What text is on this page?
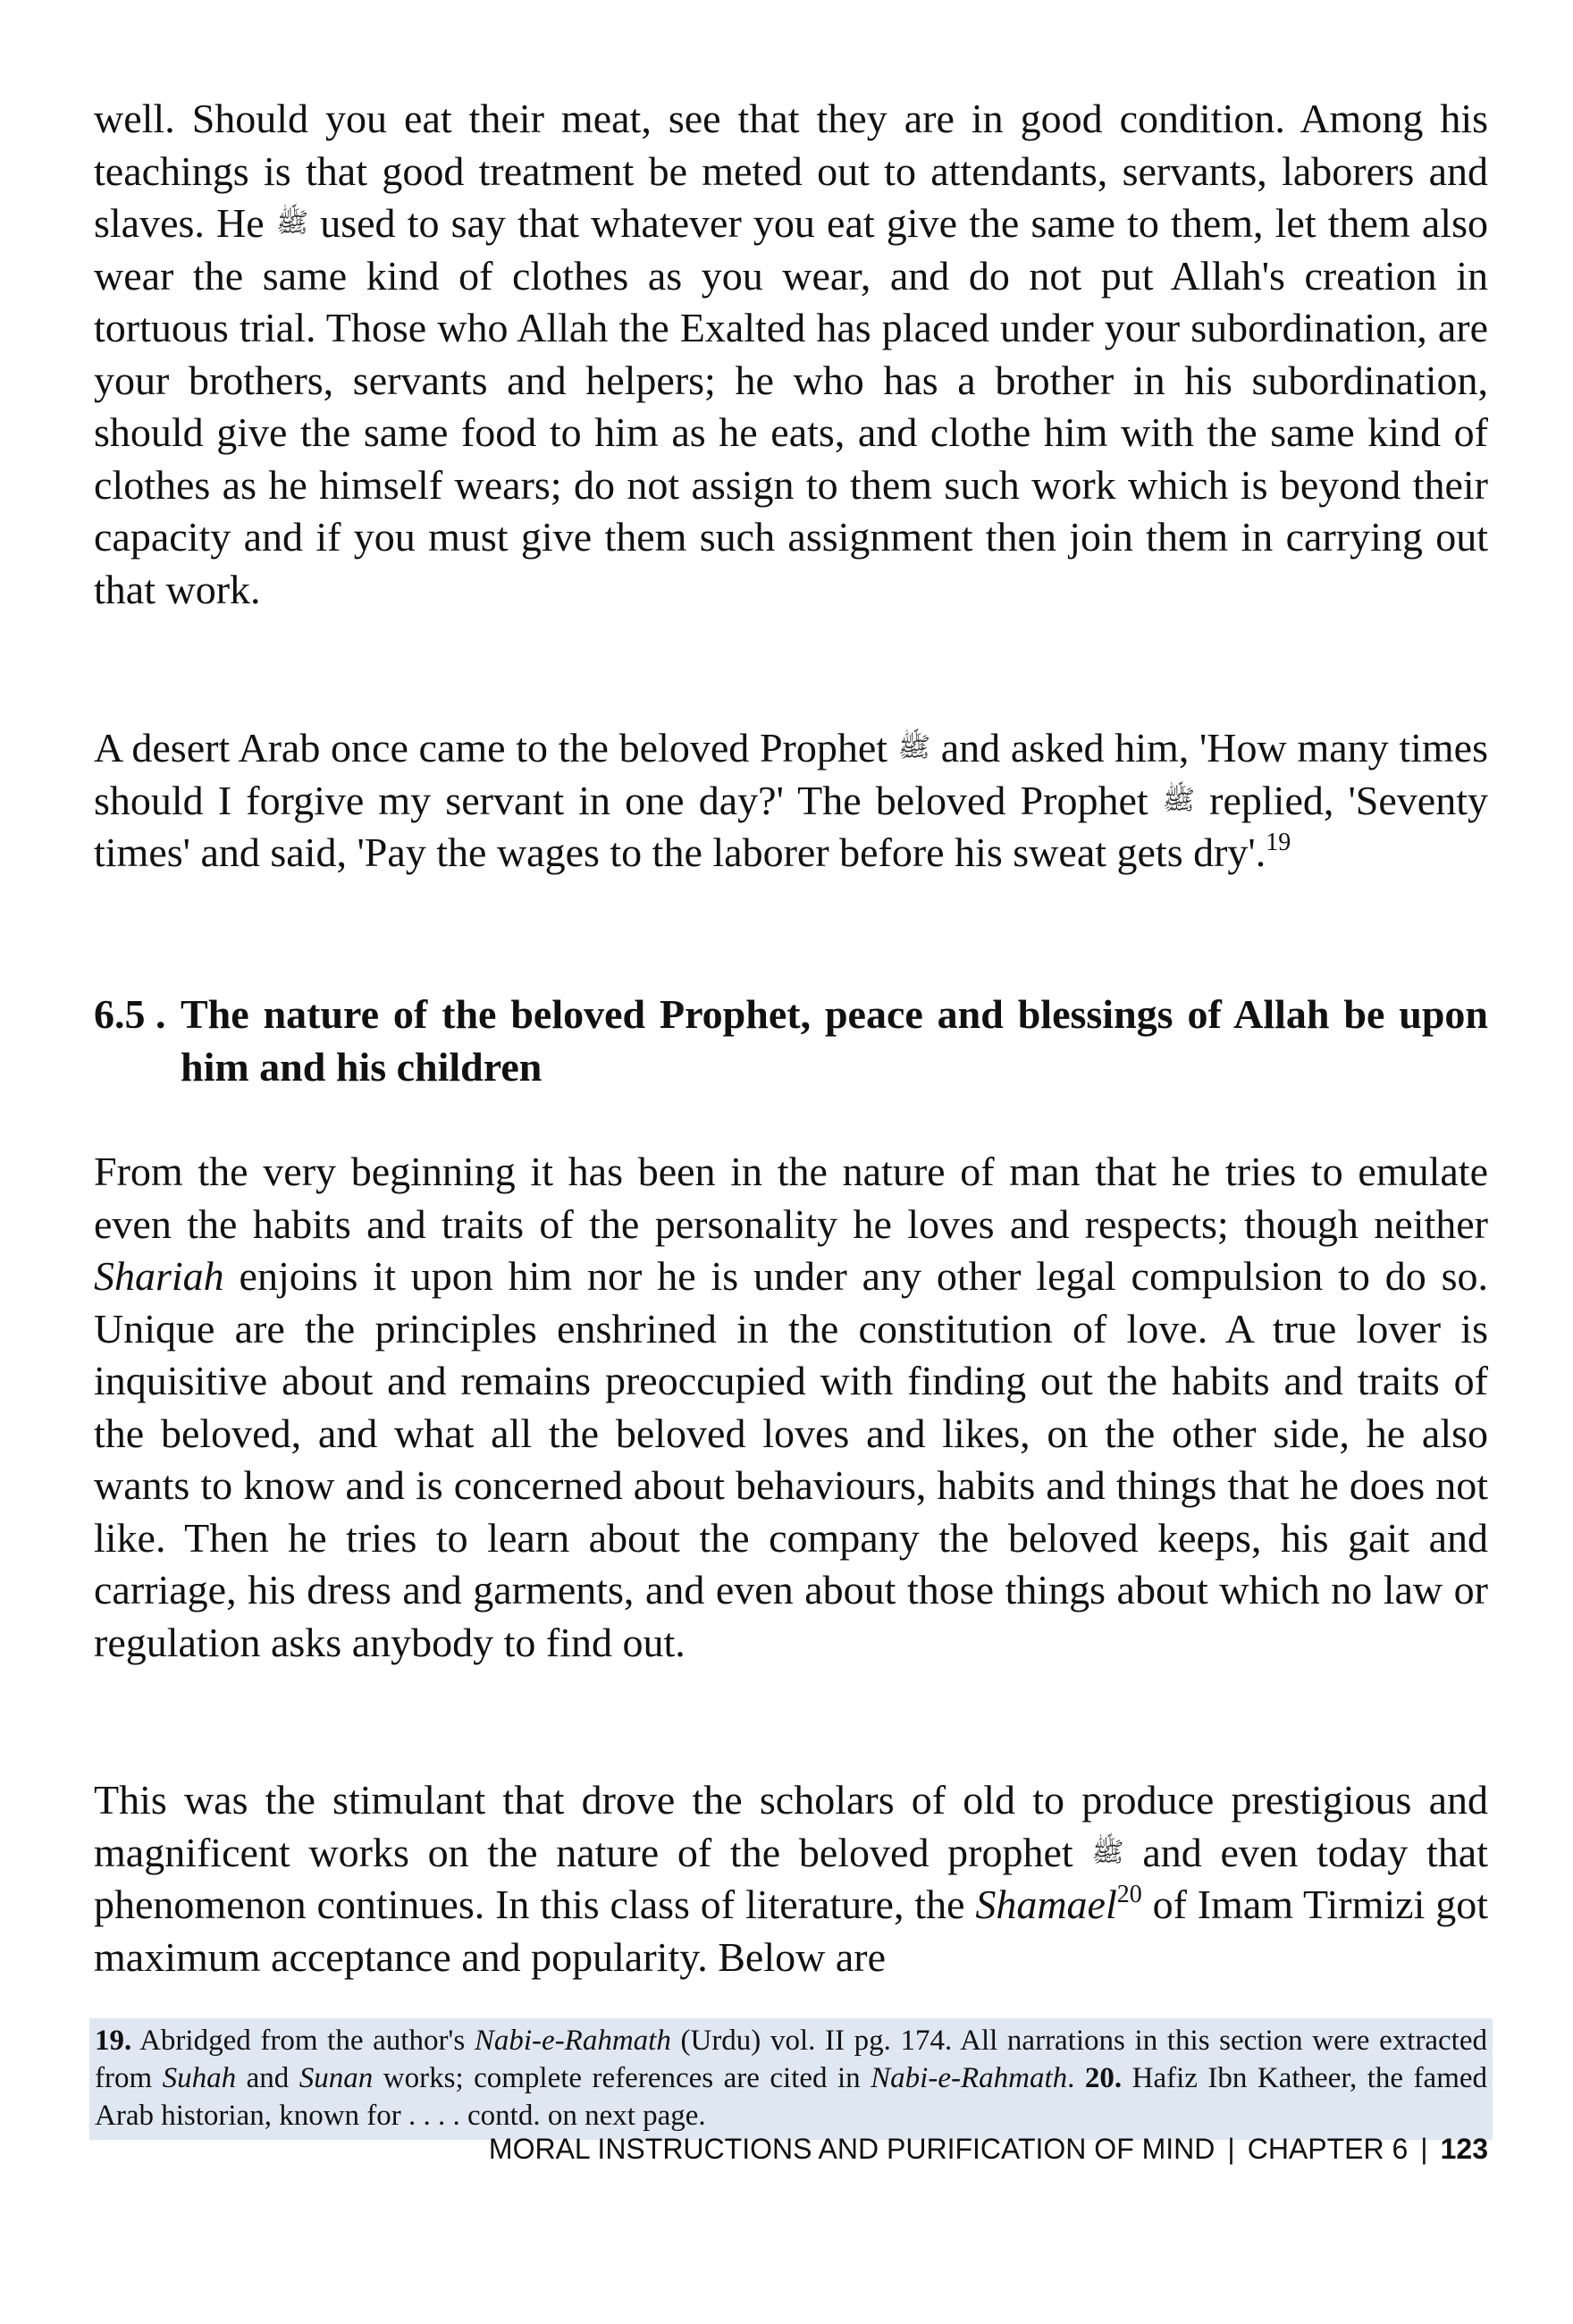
well. Should you eat their meat, see that they are in good condition. Among his teachings is that good treatment be meted out to attendants, servants, laborers and slaves. He ﷺ used to say that whatever you eat give the same to them, let them also wear the same kind of clothes as you wear, and do not put Allah's creation in tortuous trial. Those who Allah the Exalted has placed under your subordination, are your brothers, servants and helpers; he who has a brother in his subordination, should give the same food to him as he eats, and clothe him with the same kind of clothes as he himself wears; do not assign to them such work which is beyond their capacity and if you must give them such assignment then join them in carrying out that work.

A desert Arab once came to the beloved Prophet ﷺ and asked him, 'How many times should I forgive my servant in one day?' The beloved Prophet ﷺ replied, 'Seventy times' and said, 'Pay the wages to the laborer before his sweat gets dry'.$^{19}$

6.5 . The nature of the beloved Prophet, peace and blessings of Allah be upon him and his children

From the very beginning it has been in the nature of man that he tries to emulate even the habits and traits of the personality he loves and respects; though neither Shariah enjoins it upon him nor he is under any other legal compulsion to do so. Unique are the principles enshrined in the constitution of love. A true lover is inquisitive about and remains preoccupied with finding out the habits and traits of the beloved, and what all the beloved loves and likes, on the other side, he also wants to know and is concerned about behaviours, habits and things that he does not like. Then he tries to learn about the company the beloved keeps, his gait and carriage, his dress and garments, and even about those things about which no law or regulation asks anybody to find out.

This was the stimulant that drove the scholars of old to produce prestigious and magnificent works on the nature of the beloved prophet ﷺ and even today that phenomenon continues. In this class of literature, the Shamael$^{20}$ of Imam Tirmizi got maximum acceptance and popularity. Below are

19. Abridged from the author's Nabi-e-Rahmath (Urdu) vol. II pg. 174. All narrations in this section were extracted from Suhah and Sunan works; complete references are cited in Nabi-e-Rahmath. 20. Hafiz Ibn Katheer, the famed Arab historian, known for . . . . contd. on next page.

MORAL INSTRUCTIONS AND PURIFICATION OF MIND | CHAPTER 6 | 123
